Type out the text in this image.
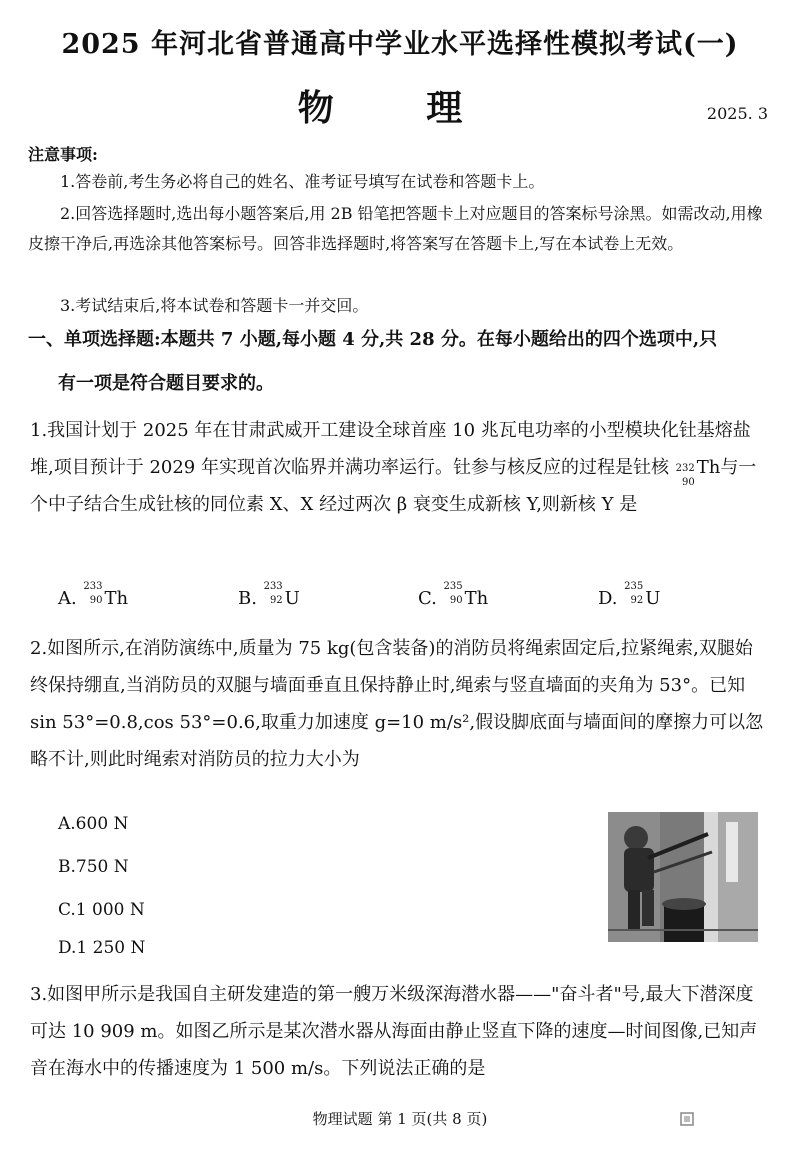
2025 年河北省普通高中学业水平选择性模拟考试(一)
物 理	2025. 3
注意事项:
1.答卷前,考生务必将自己的姓名、准考证号填写在试卷和答题卡上。
2.回答选择题时,选出每小题答案后,用 2B 铅笔把答题卡上对应题目的答案标号涂黑。如需改动,用橡皮擦干净后,再选涂其他答案标号。回答非选择题时,将答案写在答题卡上,写在本试卷上无效。
3.考试结束后,将本试卷和答题卡一并交回。
一、单项选择题:本题共 7 小题,每小题 4 分,共 28 分。在每小题给出的四个选项中,只
有一项是符合题目要求的。
1.我国计划于 2025 年在甘肃武威开工建设全球首座 10 兆瓦电功率的小型模块化钍基熔盐堆,项目预计于 2029 年实现首次临界并满功率运行。钍参与核反应的过程是钍核 232
90
Th与一个中子结合生成钍核的同位素 X、X 经过两次 β 衰变生成新核 Y,则新核 Y 是
A.
233
90 Th	B.
233
92 U	C.
235
90 Th	D.
235
92 U
2.如图所示,在消防演练中,质量为 75 kg(包含装备)的消防员将绳索固定后,拉紧绳索,双腿始终保持绷直,当消防员的双腿与墙面垂直且保持静止时,绳索与竖直墙面的夹角为 53°。已知 sin 53°=0.8,cos 53°=0.6,取重力加速度 g=10 m/s²,假设脚底面与墙面间的摩擦力可以忽略不计,则此时绳索对消防员的拉力大小为
A.600 N
B.750 N
C.1 000 N
D.1 250 N
3.如图甲所示是我国自主研发建造的第一艘万米级深海潜水器——"奋斗者"号,最大下潜深度可达 10 909 m。如图乙所示是某次潜水器从海面由静止竖直下降的速度—时间图像,已知声音在海水中的传播速度为 1 500 m/s。下列说法正确的是
物理试题 第 1 页(共 8 页)
